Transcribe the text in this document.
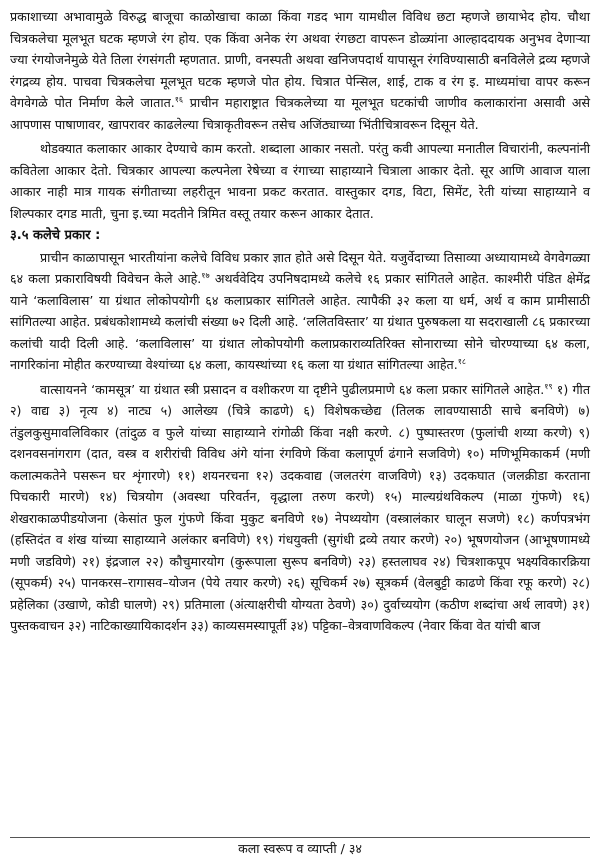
प्रकाशाच्या अभावामुळे विरुद्ध बाजूचा काळोखाचा काळा किंवा गडद भाग यामधील विविध छटा म्हणजे छायाभेद होय. चौथा चित्रकलेचा मूलभूत घटक म्हणजे रंग होय. एक किंवा अनेक रंग अथवा रंगछटा वापरून डोळ्यांना आल्हाददायक अनुभव देणाऱ्या ज्या रंगयोजनेमुळे येते तिला रंगसंगती म्हणतात. प्राणी, वनस्पती अथवा खनिजपदार्थ यापासून रंगविण्यासाठी बनविलेले द्रव्य म्हणजे रंगद्रव्य होय. पाचवा चित्रकलेचा मूलभूत घटक म्हणजे पोत होय. चित्रात पेन्सिल, शाई, टाक व रंग इ. माध्यमांचा वापर करून वेगवेगळे पोत निर्माण केले जातात.$^{१६}$ प्राचीन महाराष्ट्रात चित्रकलेच्या या मूलभूत घटकांची जाणीव कलाकारांना असावी असे आपणास पाषाणावर, खापरावर काढलेल्या चित्राकृतीवरून तसेच अजिंठ्याच्या भिंतीचित्रावरून दिसून येते.

थोडक्यात कलाकार आकार देण्याचे काम करतो. शब्दाला आकार नसतो. परंतु कवी आपल्या मनातील विचारांनी, कल्पनांनी कवितेला आकार देतो. चित्रकार आपल्या कल्पनेला रेषेच्या व रंगाच्या साहाय्याने चित्राला आकार देतो. सूर आणि आवाज याला आकार नाही मात्र गायक संगीताच्या लहरीतून भावना प्रकट करतात. वास्तुकार दगड, विटा, सिमेंट, रेती यांच्या साहाय्याने व शिल्पकार दगड माती, चुना इ.च्या मदतीने त्रिमित वस्तू तयार करून आकार देतात.

३.५ कलेचे प्रकार :

प्राचीन काळापासून भारतीयांना कलेचे विविध प्रकार ज्ञात होते असे दिसून येते. यजुर्वेदाच्या तिसाव्या अध्यायामध्ये वेगवेगळ्या ६४ कला प्रकाराविषयी विवेचन केले आहे.$^{१७}$ अथर्ववेदिय उपनिषदामध्ये कलेचे १६ प्रकार सांगितले आहेत. काश्मीरी पंडित क्षेमेंद्र याने ‘कलाविलास’ या ग्रंथात लोकोपयोगी ६४ कलाप्रकार सांगितले आहेत. त्यापैकी ३२ कला या धर्म, अर्थ व काम प्रामीसाठी सांगितल्या आहेत. प्रबंधकोशामध्ये कलांची संख्या ७२ दिली आहे. ‘ललितविस्तार’ या ग्रंथात पुरुषकला या सदराखाली ८६ प्रकारच्या कलांची यादी दिली आहे. ‘कलाविलास’ या ग्रंथात लोकोपयोगी कलाप्रकाराव्यतिरिक्त सोनाराच्या सोने चोरण्याच्या ६४ कला, नागरिकांना मोहीत करण्याच्या वेश्यांच्या ६४ कला, कायस्थांच्या १६ कला या ग्रंथात सांगितल्या आहेत.$^{१८}$

वात्सायनने ‘कामसूत्र’ या ग्रंथात स्त्री प्रसादन व वशीकरण या दृष्टीने पुढीलप्रमाणे ६४ कला प्रकार सांगितले आहेत.$^{१९}$ १) गीत २) वाद्य ३) नृत्य ४) नाट्य ५) आलेख्य (चित्रे काढणे) ६) विशेषकच्छेद्य (तिलक लावण्यासाठी साचे बनविणे) ७) तंडुलकुसुमावलिविकार (तांदुळ व फुले यांच्या साहाय्याने रांगोळी किंवा नक्षी करणे. ८) पुष्पास्तरण (फुलांची शय्या करणे) ९) दशनवसनांगराग (दात, वस्त्र व शरीरांची विविध अंगे यांना रंगविणे किंवा कलापूर्ण ढंगाने सजविणे) १०) मणिभूमिकाकर्म (मणी कलात्मकतेने पसरून घर शृंगारणे) ११) शयनरचना १२) उदकवाद्य (जलतरंग वाजविणे) १३) उदकघात (जलक्रीडा करताना पिचकारी मारणे) १४) चित्रयोग (अवस्था परिवर्तन, वृद्धाला तरुण करणे) १५) माल्यग्रंथविकल्प (माळा गुंफणे) १६) शेखराकाळपीडयोजना (केसांत फुल गुंफणे किंवा मुकुट बनविणे १७) नेपथ्ययोग (वस्त्रालंकार घालून सजणे) १८) कर्णपत्रभंग (हस्तिदंत व शंख यांच्या साहाय्याने अलंकार बनविणे) १९) गंधयुक्ती (सुगंधी द्रव्ये तयार करणे) २०) भूषणयोजन (आभूषणामध्ये मणी जडविणे) २१) इंद्रजाल २२) कौचुमारयोग (कुरूपाला सुरूप बनविणे) २३) हस्तलाघव २४) चित्रशाकपूप भक्ष्यविकारक्रिया (सूपकर्म) २५) पानकरस–रागासव–योजन (पेये तयार करणे) २६) सूचिकर्म २७) सूत्रकर्म (वेलबुट्टी काढणे किंवा रफू करणे) २८) प्रहेलिका (उखाणे, कोडी घालणे) २९) प्रतिमाला (अंत्याक्षरीची योग्यता ठेवणे) ३०) दुर्वाच्ययोग (कठीण शब्दांचा अर्थ लावणे) ३१) पुस्तकवाचन ३२) नाटिकाख्यायिकादर्शन ३३) काव्यसमस्यापूर्ती ३४) पट्टिका–वेत्रवाणविकल्प (नेवार किंवा वेत यांची बाज

कला स्वरूप व व्याप्ती / ३४
